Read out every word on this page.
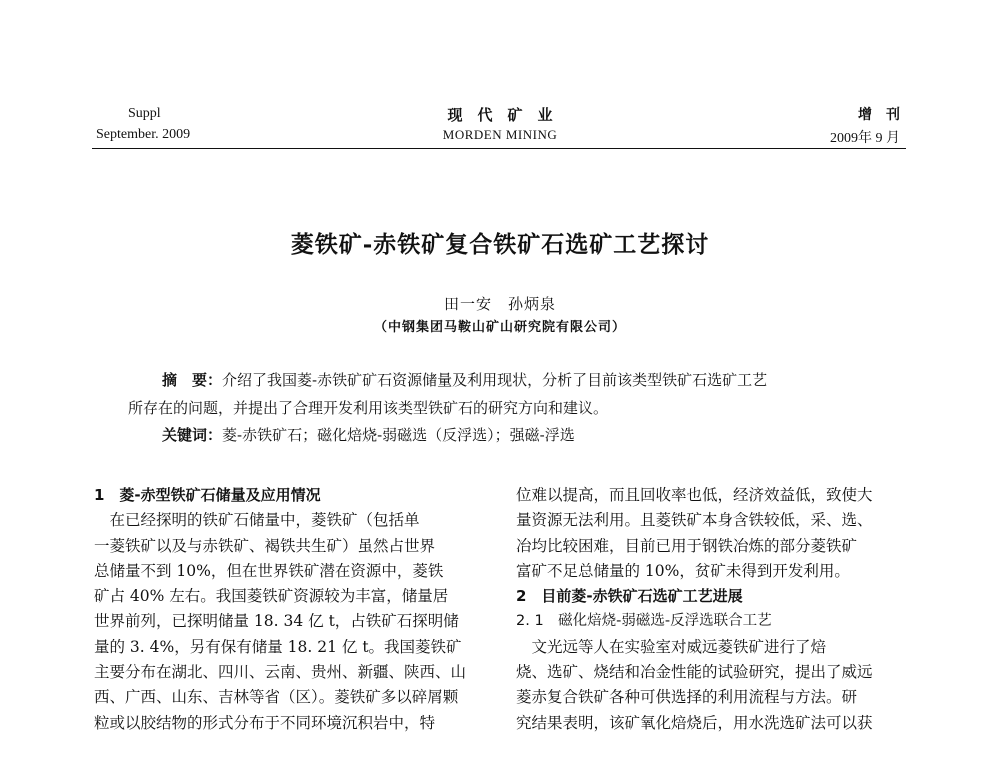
Suppl
September. 2009
现　代　矿　业
MORDEN MINING
增　刊
2009年 9 月
菱铁矿-赤铁矿复合铁矿石选矿工艺探讨
田一安　孙炳泉
（中钢集团马鞍山矿山研究院有限公司）
摘　要：介绍了我国菱-赤铁矿矿石资源储量及利用现状，分析了目前该类型铁矿石选矿工艺
所存在的问题，并提出了合理开发利用该类型铁矿石的研究方向和建议。
关键词：菱-赤铁矿石；磁化焙烧-弱磁选（反浮选）；强磁-浮选

1　菱-赤型铁矿石储量及应用情况

　在已经探明的铁矿石储量中，菱铁矿（包括单

一菱铁矿以及与赤铁矿、褐铁共生矿）虽然占世界

总储量不到 10%，但在世界铁矿潜在资源中，菱铁

矿占 40% 左右。我国菱铁矿资源较为丰富，储量居

世界前列，已探明储量 18. 34 亿 t，占铁矿石探明储

量的 3. 4%，另有保有储量 18. 21 亿 t。我国菱铁矿

主要分布在湖北、四川、云南、贵州、新疆、陕西、山

西、广西、山东、吉林等省（区）。菱铁矿多以碎屑颗

粒或以胶结物的形式分布于不同环境沉积岩中，特

位难以提高，而且回收率也低，经济效益低，致使大

量资源无法利用。且菱铁矿本身含铁较低，采、选、

冶均比较困难，目前已用于钢铁冶炼的部分菱铁矿

富矿不足总储量的 10%，贫矿未得到开发利用。

2　目前菱-赤铁矿石选矿工艺进展

2. 1　磁化焙烧-弱磁选-反浮选联合工艺

　文光远等人在实验室对威远菱铁矿进行了焙

烧、选矿、烧结和冶金性能的试验研究，提出了威远

菱赤复合铁矿各种可供选择的利用流程与方法。研

究结果表明，该矿氧化焙烧后，用水洗选矿法可以获
